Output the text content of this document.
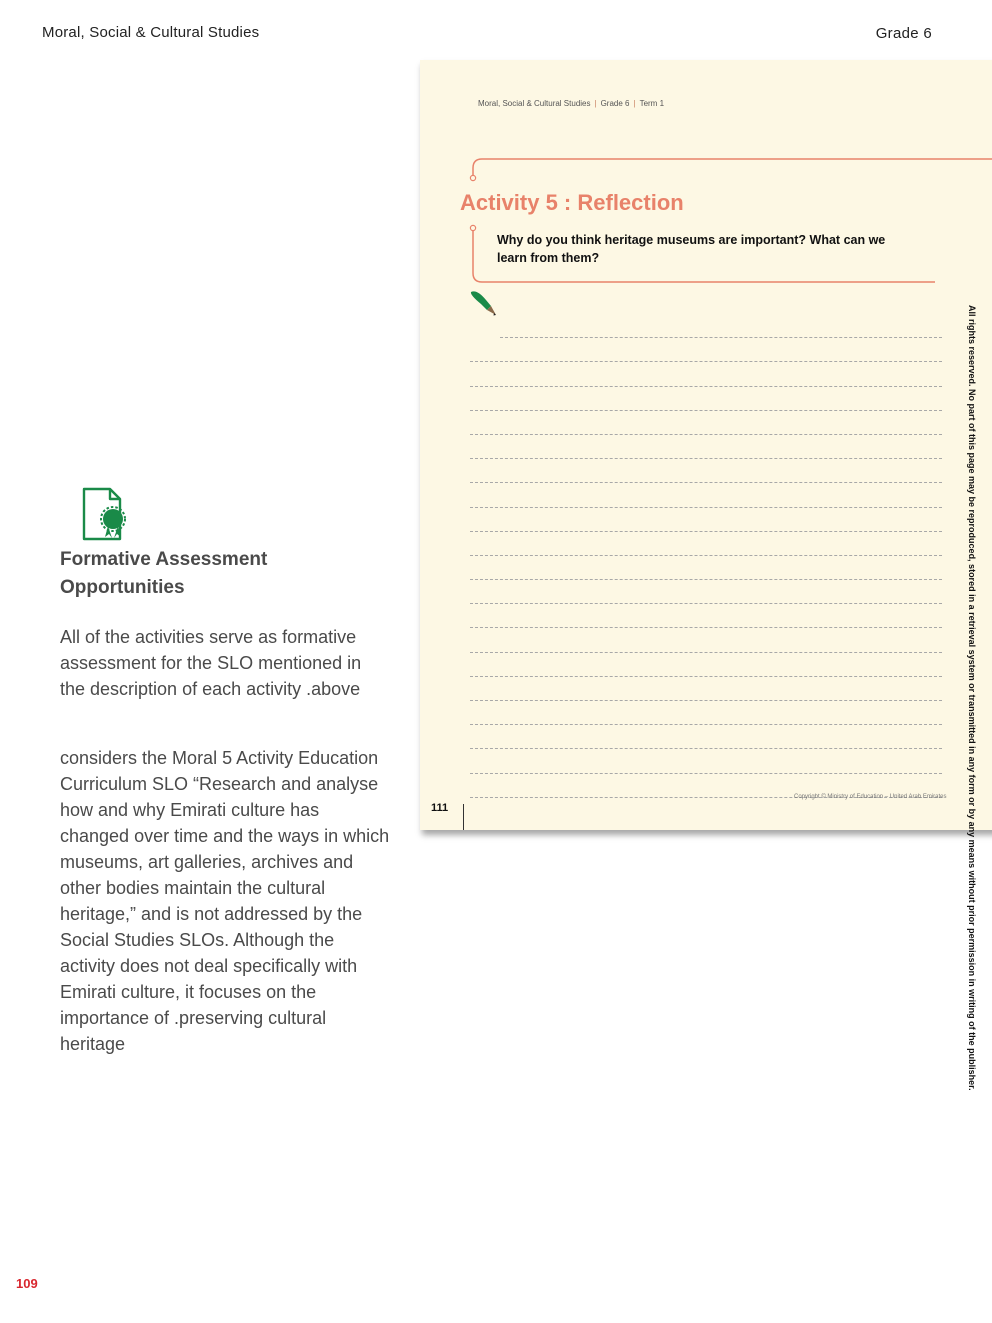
Moral, Social & Cultural Studies	Grade 6
Formative Assessment Opportunities

All of the activities serve as formative assessment for the SLO mentioned in the description of each activity .above

considers the Moral 5 Activity Education Curriculum SLO “Research and analyse how and why Emirati culture has changed over time and the ways in which museums, art galleries, archives and other bodies maintain the cultural heritage,” and is not addressed by the Social Studies SLOs. Although the activity does not deal specifically with Emirati culture, it focuses on the importance of .preserving cultural heritage

109
Moral, Social & Cultural Studies | Grade 6 | Term 1
Activity 5 : Reflection
Why do you think heritage museums are important? What can we learn from them?
111
Copyright © Ministry of Education – United Arab Emirates All rights reserved. No part of this page may be reproduced, stored in a retrieval system or transmitted in any form or by any means without prior permission in writing of the publisher.
